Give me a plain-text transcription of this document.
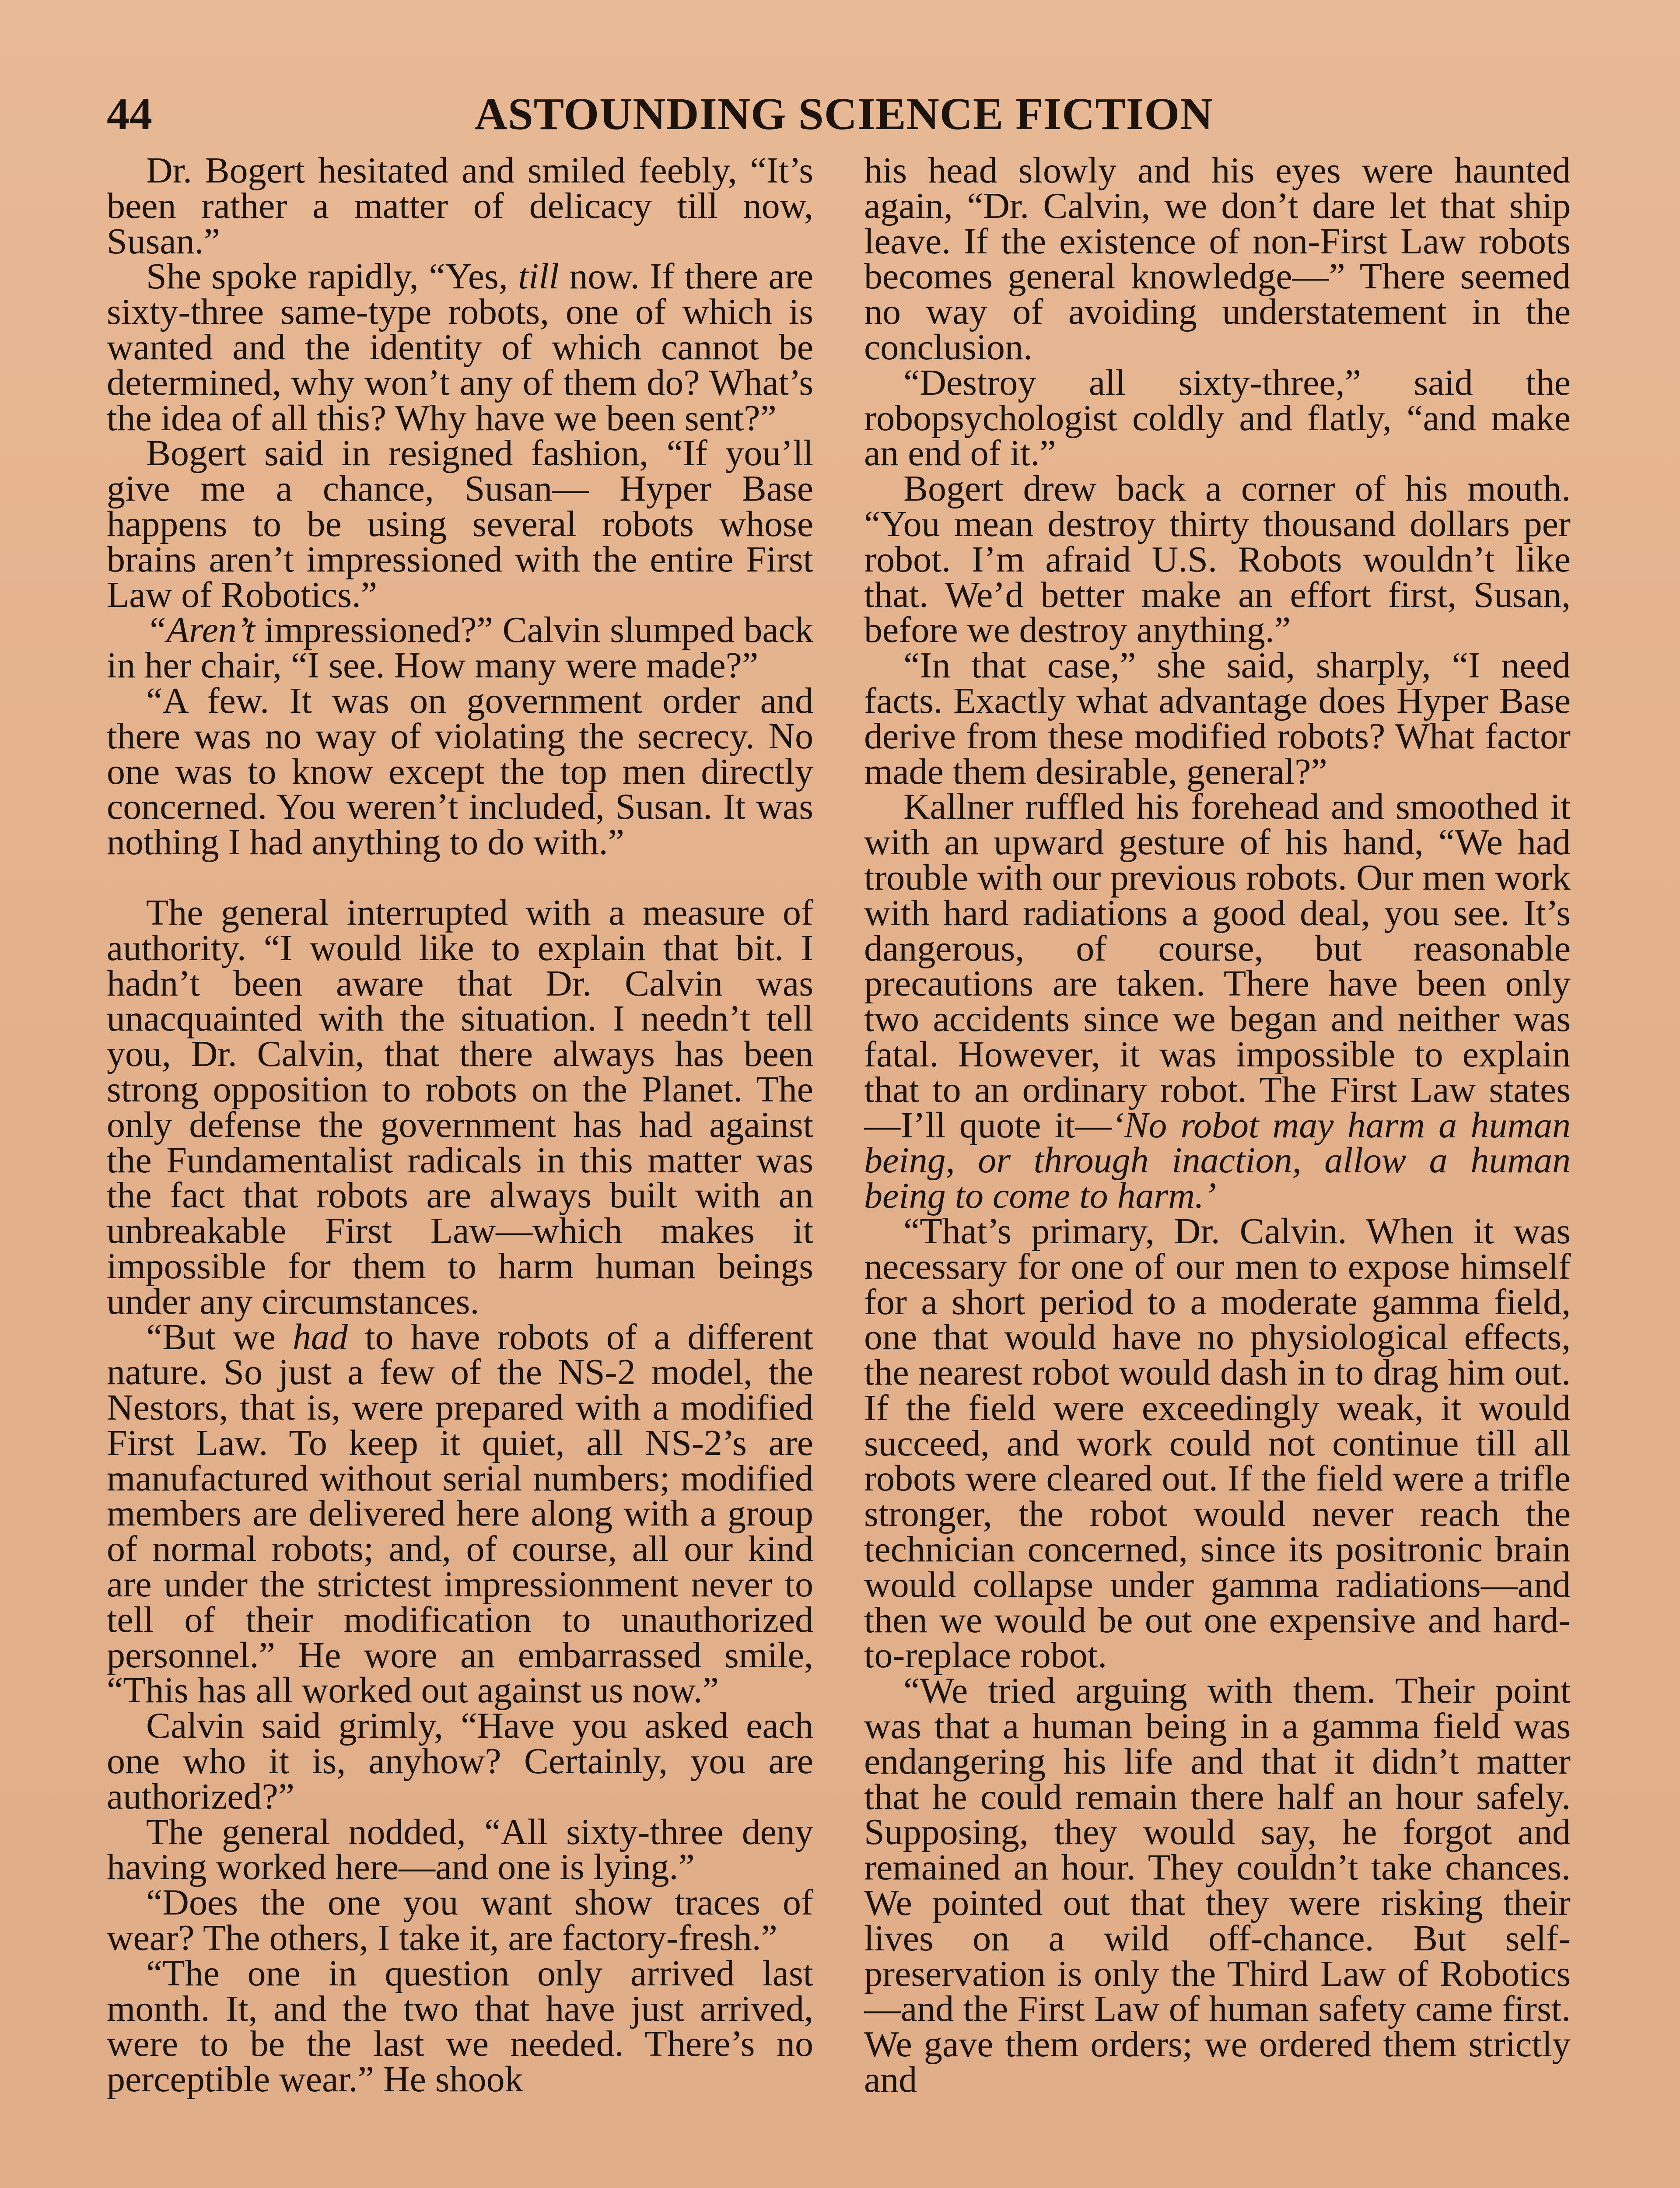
44	ASTOUNDING SCIENCE FICTION

Dr. Bogert hesitated and smiled feebly, “It’s been rather a matter of delicacy till now, Susan.”

She spoke rapidly, “Yes, till now. If there are sixty-three same-type robots, one of which is wanted and the identity of which cannot be determined, why won’t any of them do? What’s the idea of all this? Why have we been sent?”

Bogert said in resigned fashion, “If you’ll give me a chance, Susan— Hyper Base happens to be using several robots whose brains aren’t impressioned with the entire First Law of Robotics.”

“Aren’t impressioned?” Calvin slumped back in her chair, “I see. How many were made?”

“A few. It was on government order and there was no way of violating the secrecy. No one was to know except the top men directly concerned. You weren’t included, Susan. It was nothing I had anything to do with.”

The general interrupted with a measure of authority. “I would like to explain that bit. I hadn’t been aware that Dr. Calvin was unacquainted with the situation. I needn’t tell you, Dr. Calvin, that there always has been strong opposition to robots on the Planet. The only defense the government has had against the Fundamentalist radicals in this matter was the fact that robots are always built with an unbreakable First Law—which makes it impossible for them to harm human beings under any circumstances.

“But we had to have robots of a different nature. So just a few of the NS-2 model, the Nestors, that is, were prepared with a modified First Law. To keep it quiet, all NS-2’s are manufactured without serial numbers; modified members are delivered here along with a group of normal robots; and, of course, all our kind are under the strictest impressionment never to tell of their modification to unauthorized personnel.” He wore an embarrassed smile, “This has all worked out against us now.”

Calvin said grimly, “Have you asked each one who it is, anyhow? Certainly, you are authorized?”

The general nodded, “All sixty-three deny having worked here—and one is lying.”

“Does the one you want show traces of wear? The others, I take it, are factory-fresh.”

“The one in question only arrived last month. It, and the two that have just arrived, were to be the last we needed. There’s no perceptible wear.” He shook

his head slowly and his eyes were haunted again, “Dr. Calvin, we don’t dare let that ship leave. If the existence of non-First Law robots becomes general knowledge—” There seemed no way of avoiding understatement in the conclusion.

“Destroy all sixty-three,” said the robopsychologist coldly and flatly, “and make an end of it.”

Bogert drew back a corner of his mouth. “You mean destroy thirty thousand dollars per robot. I’m afraid U.S. Robots wouldn’t like that. We’d better make an effort first, Susan, before we destroy anything.”

“In that case,” she said, sharply, “I need facts. Exactly what advantage does Hyper Base derive from these modified robots? What factor made them desirable, general?”

Kallner ruffled his forehead and smoothed it with an upward gesture of his hand, “We had trouble with our previous robots. Our men work with hard radiations a good deal, you see. It’s dangerous, of course, but reasonable precautions are taken. There have been only two accidents since we began and neither was fatal. However, it was impossible to explain that to an ordinary robot. The First Law states—I’ll quote it—‘No robot may harm a human being, or through inaction, allow a human being to come to harm.’

“That’s primary, Dr. Calvin. When it was necessary for one of our men to expose himself for a short period to a moderate gamma field, one that would have no physiological effects, the nearest robot would dash in to drag him out. If the field were exceedingly weak, it would succeed, and work could not continue till all robots were cleared out. If the field were a trifle stronger, the robot would never reach the technician concerned, since its positronic brain would collapse under gamma radiations—and then we would be out one expensive and hard-to-replace robot.

“We tried arguing with them. Their point was that a human being in a gamma field was endangering his life and that it didn’t matter that he could remain there half an hour safely. Supposing, they would say, he forgot and remained an hour. They couldn’t take chances. We pointed out that they were risking their lives on a wild off-chance. But self-preservation is only the Third Law of Robotics—and the First Law of human safety came first. We gave them orders; we ordered them strictly and
